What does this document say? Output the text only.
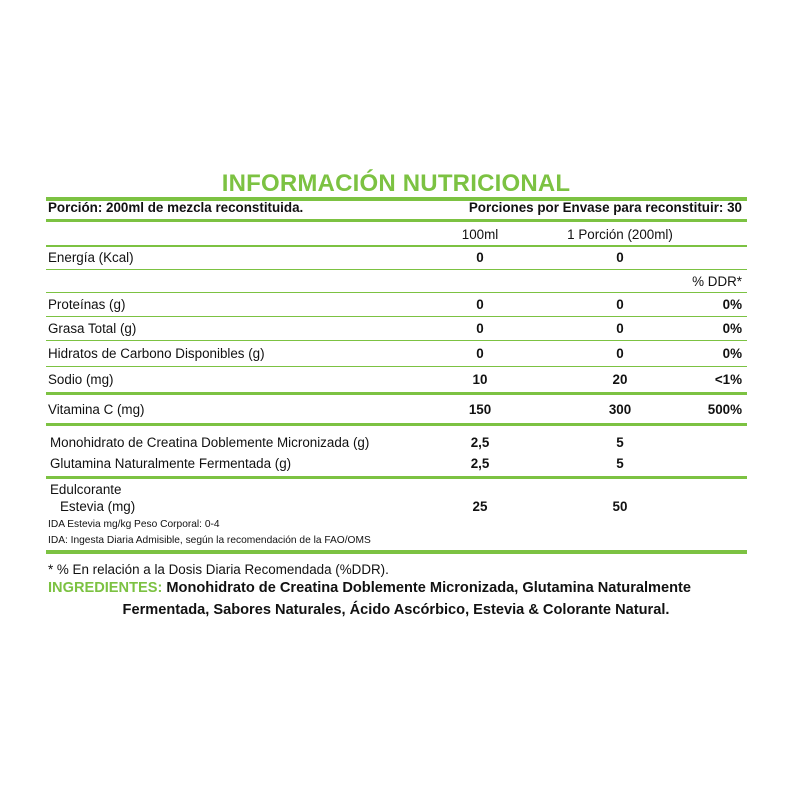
INFORMACIÓN NUTRICIONAL
Porción: 200ml de mezcla reconstituida.	Porciones por Envase para reconstituir: 30
100ml	1 Porción (200ml)
Energía (Kcal)	0	0
% DDR*
Proteínas (g)	0	0	0%
Grasa Total (g)	0	0	0%
Hidratos de Carbono Disponibles (g)	0	0	0%
Sodio (mg)	10	20	<1%
Vitamina C (mg)	150	300	500%
Monohidrato de Creatina Doblemente Micronizada (g)	2,5	5
Glutamina Naturalmente Fermentada (g)	2,5	5
Edulcorante
Estevia (mg)	25	50
IDA Estevia mg/kg Peso Corporal: 0-4
IDA: Ingesta Diaria Admisible, según la recomendación de la FAO/OMS
* % En relación a la Dosis Diaria Recomendada (%DDR).
INGREDIENTES: Monohidrato de Creatina Doblemente Micronizada, Glutamina Naturalmente
Fermentada, Sabores Naturales, Ácido Ascórbico, Estevia & Colorante Natural.
